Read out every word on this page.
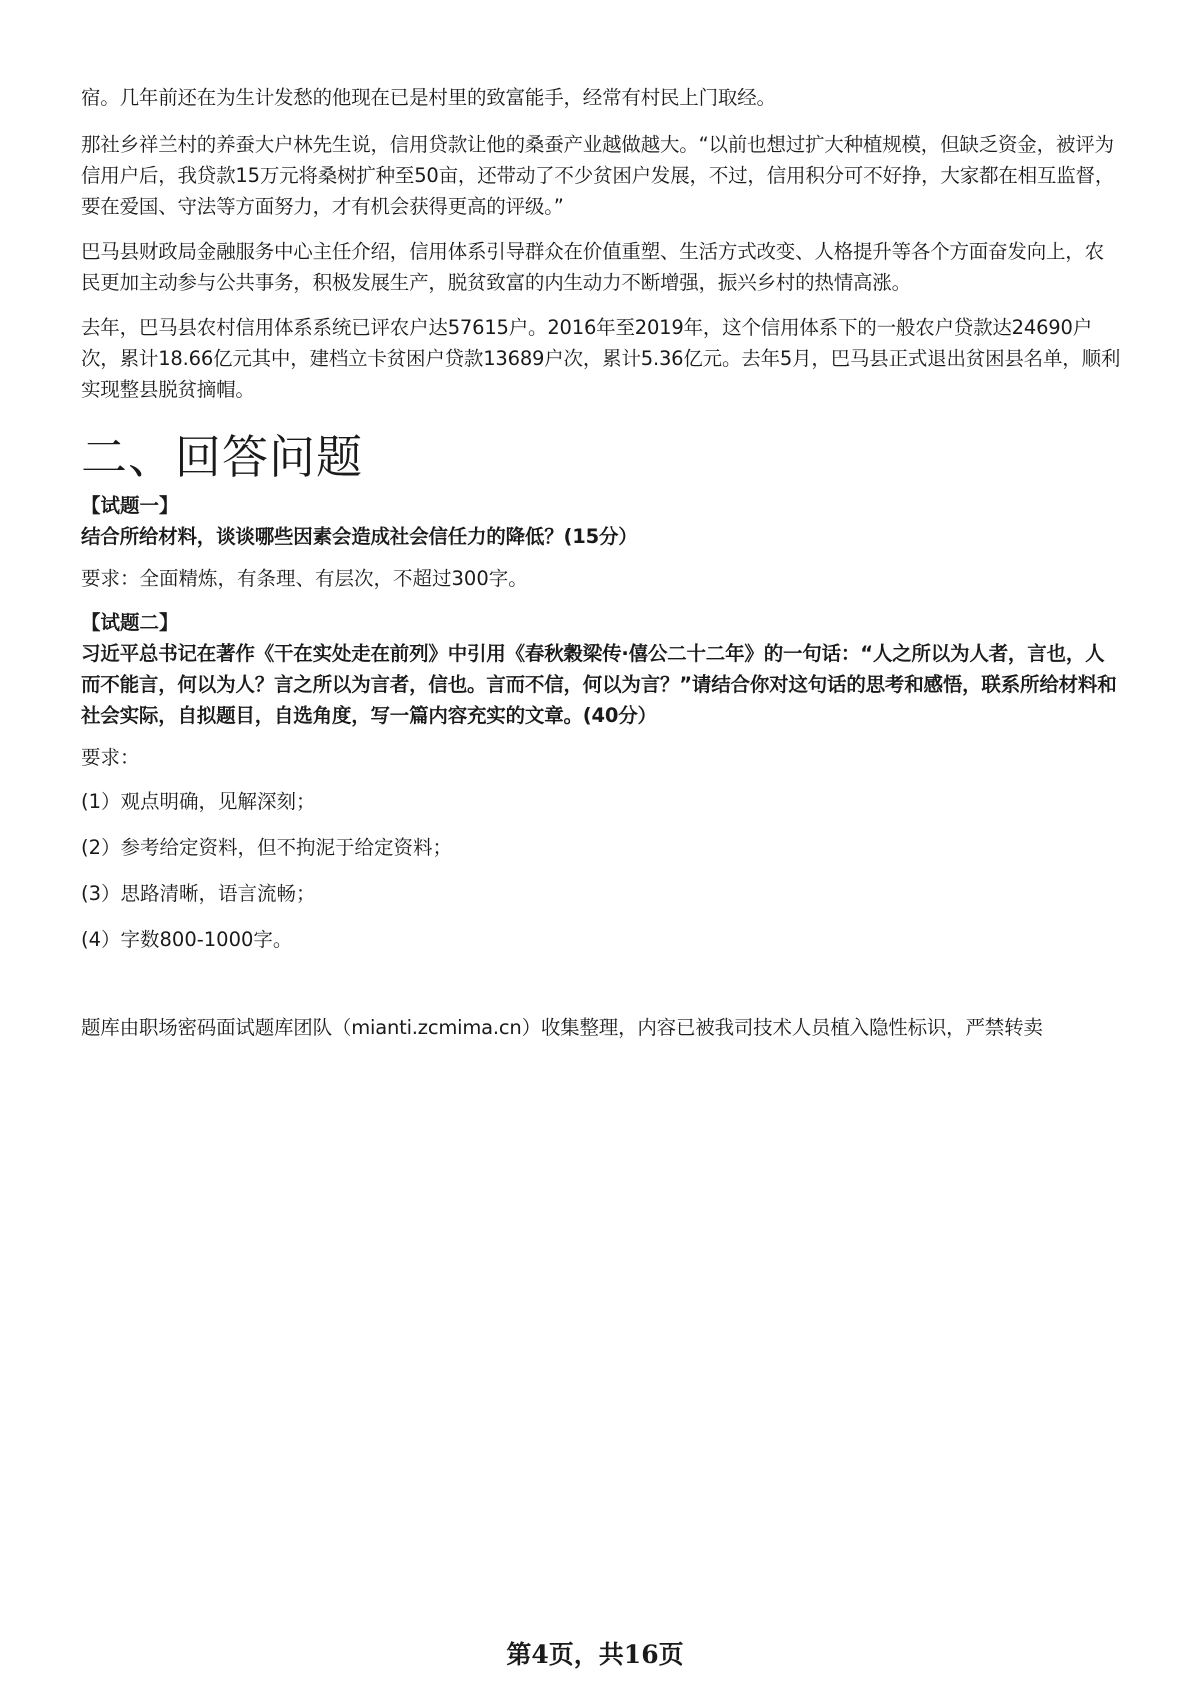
宿。几年前还在为生计发愁的他现在已是村里的致富能手，经常有村民上门取经。

那社乡祥兰村的养蚕大户林先生说，信用贷款让他的桑蚕产业越做越大。“以前也想过扩大种植规模，但缺乏资金，被评为信用户后，我贷款15万元将桑树扩种至50亩，还带动了不少贫困户发展，不过，信用积分可不好挣，大家都在相互监督，要在爱国、守法等方面努力，才有机会获得更高的评级。”

巴马县财政局金融服务中心主任介绍，信用体系引导群众在价值重塑、生活方式改变、人格提升等各个方面奋发向上，农民更加主动参与公共事务，积极发展生产，脱贫致富的内生动力不断增强，振兴乡村的热情高涨。

去年，巴马县农村信用体系系统已评农户达57615户。2016年至2019年，这个信用体系下的一般农户贷款达24690户次，累计18.66亿元其中，建档立卡贫困户贷款13689户次，累计5.36亿元。去年5月，巴马县正式退出贫困县名单，顺利实现整县脱贫摘帽。

二、回答问题

【试题一】

结合所给材料，谈谈哪些因素会造成社会信任力的降低？(15分）

要求：全面精炼，有条理、有层次，不超过300字。

【试题二】

习近平总书记在著作《干在实处走在前列》中引用《春秋穀梁传·僖公二十二年》的一句话：“人之所以为人者，言也，人而不能言，何以为人？言之所以为言者，信也。言而不信，何以为言？”请结合你对这句话的思考和感悟，联系所给材料和社会实际，自拟题目，自选角度，写一篇内容充实的文章。(40分）

要求：

(1）观点明确，见解深刻；

(2）参考给定资料，但不拘泥于给定资料；

(3）思路清晰，语言流畅；

(4）字数800-1000字。

题库由职场密码面试题库团队（mianti.zcmima.cn）收集整理，内容已被我司技术人员植入隐性标识，严禁转卖

第4页，共16页
